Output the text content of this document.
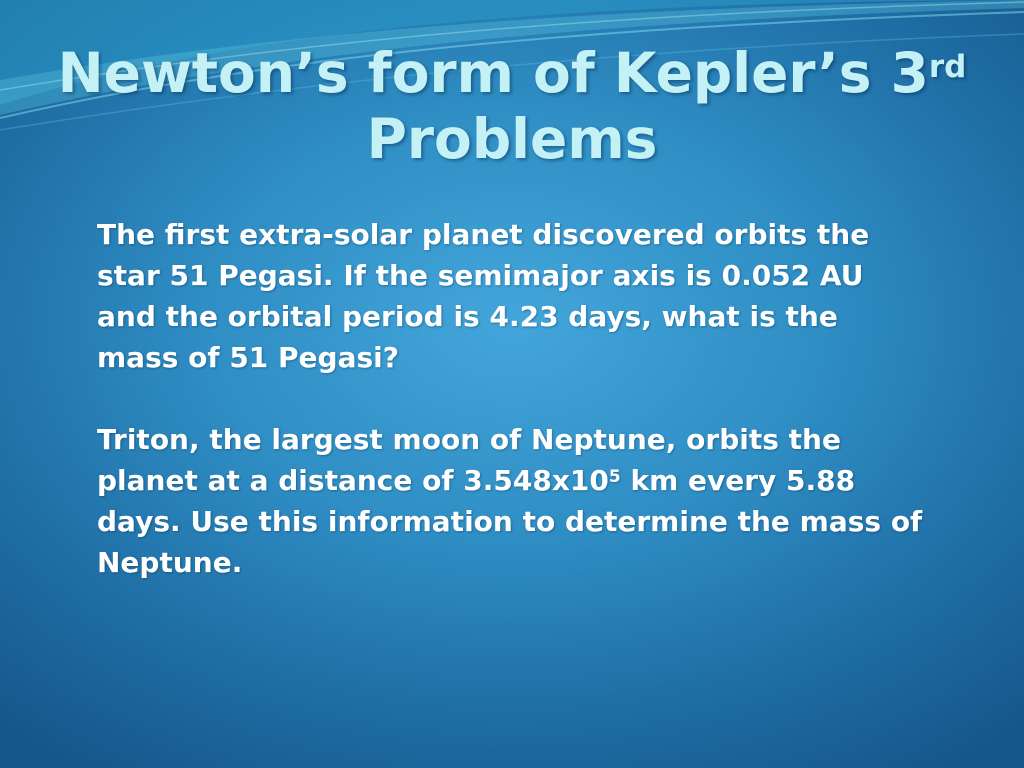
Newton’s form of Kepler’s 3rd
Problems

The first extra-solar planet discovered orbits the star 51 Pegasi. If the semimajor axis is 0.052 AU and the orbital period is 4.23 days, what is the mass of 51 Pegasi?

Triton, the largest moon of Neptune, orbits the planet at a distance of $3.548x10^5$ km every 5.88 days. Use this information to determine the mass of Neptune.
